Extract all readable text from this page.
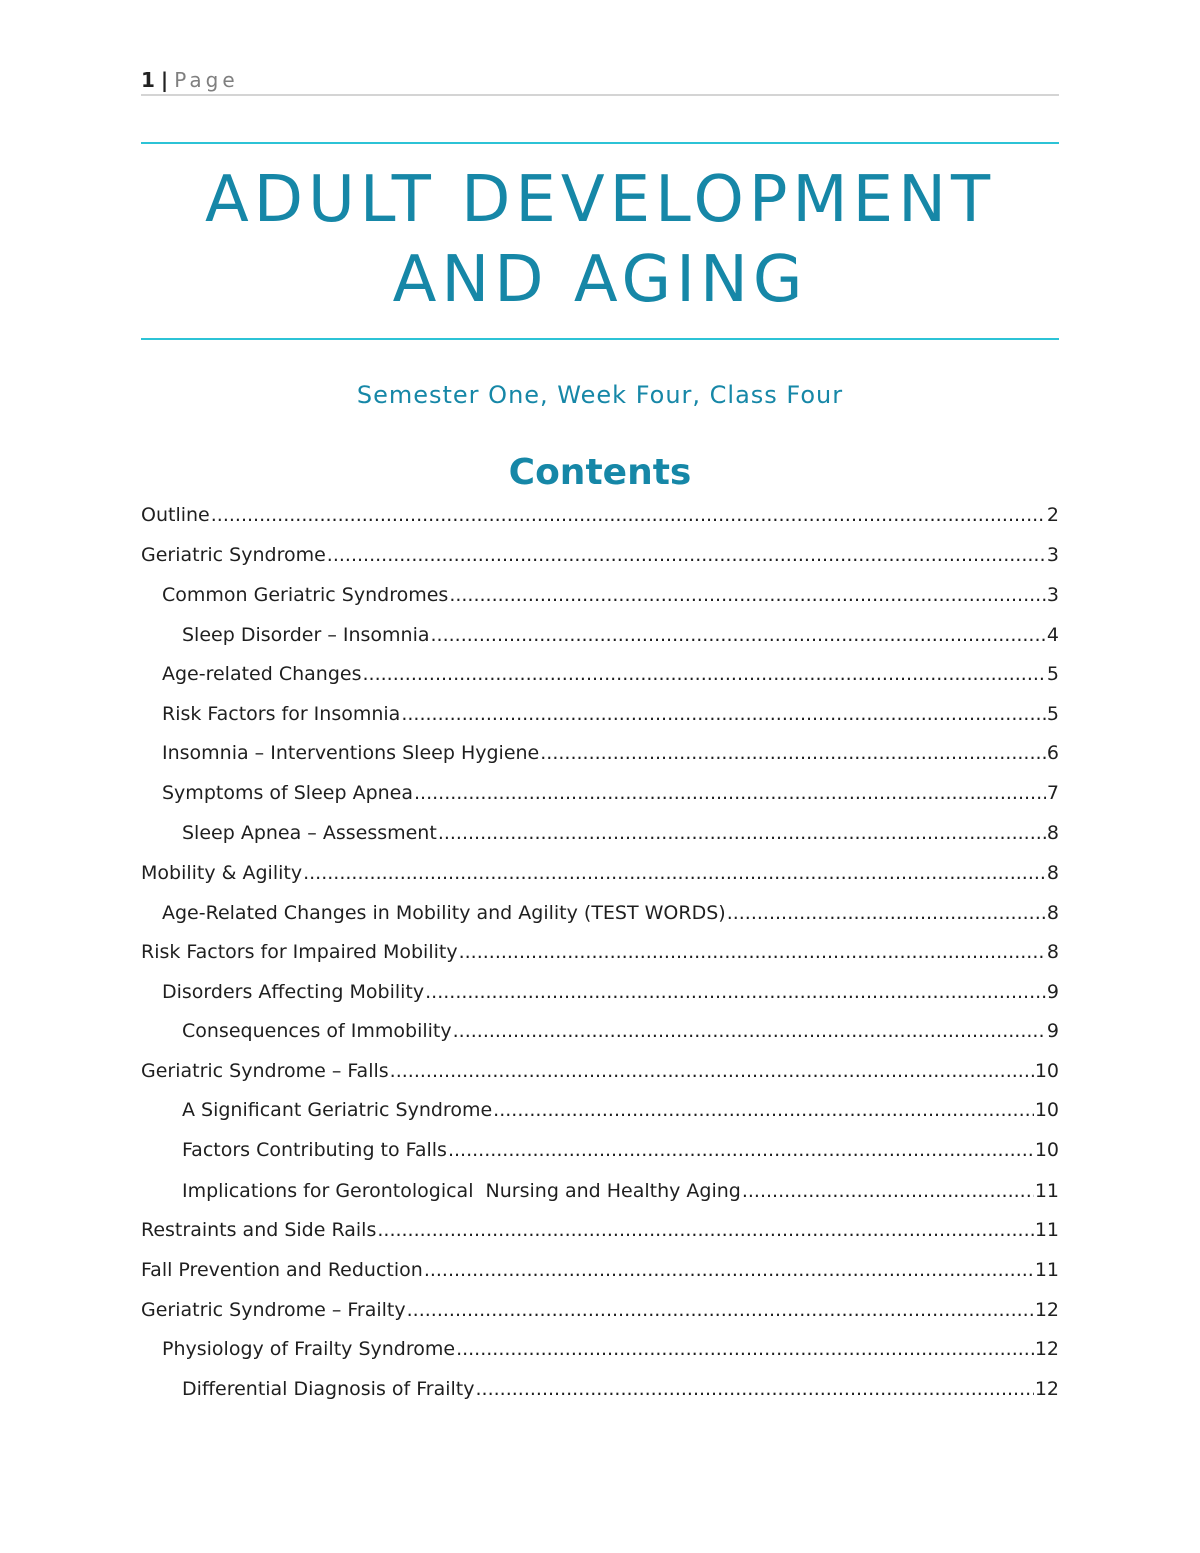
1 | Page
ADULT DEVELOPMENT
AND AGING
Semester One, Week Four, Class Four
Contents
Outline .....	2
Geriatric Syndrome .....	3
Common Geriatric Syndromes .....	3
Sleep Disorder – Insomnia .....	4
Age-related Changes .....	5
Risk Factors for Insomnia .....	5
Insomnia – Interventions Sleep Hygiene .....	6
Symptoms of Sleep Apnea .....	7
Sleep Apnea – Assessment .....	8
Mobility & Agility .....	8
Age-Related Changes in Mobility and Agility (TEST WORDS) .....	8
Risk Factors for Impaired Mobility .....	8
Disorders Affecting Mobility .....	9
Consequences of Immobility .....	9
Geriatric Syndrome – Falls .....	10
A Significant Geriatric Syndrome .....	10
Factors Contributing to Falls .....	10
Implications for Gerontological  Nursing and Healthy Aging .....	11
Restraints and Side Rails .....	11
Fall Prevention and Reduction .....	11
Geriatric Syndrome – Frailty .....	12
Physiology of Frailty Syndrome .....	12
Differential Diagnosis of Frailty .....	12
